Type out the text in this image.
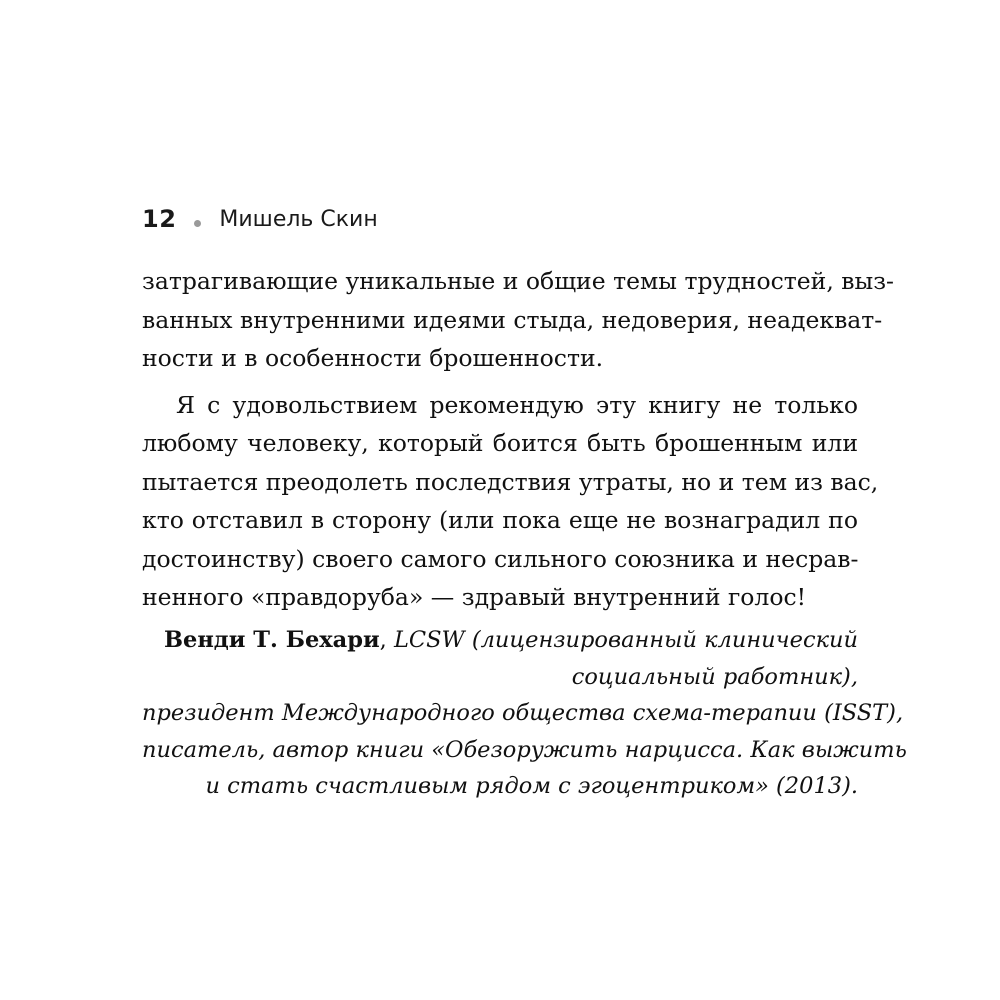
12 Мишель Скин

затрагивающие уникальные и общие темы трудностей, выз-
ванных внутренними идеями стыда, недоверия, неадекват-
ности и в особенности брошенности.

Я с удовольствием рекомендую эту книгу не только
любому человеку, который боится быть брошенным или
пытается преодолеть последствия утраты, но и тем из вас,
кто отставил в сторону (или пока еще не вознаградил по
достоинству) своего самого сильного союзника и несрав-
ненного «правдоруба» — здравый внутренний голос!

Венди Т. Бехари, LCSW (лицензированный клинический
социальный работник),
президент Международного общества схема-терапии (ISST),
писатель, автор книги «Обезоружить нарцисса. Как выжить
и стать счастливым рядом с эгоцентриком» (2013).
